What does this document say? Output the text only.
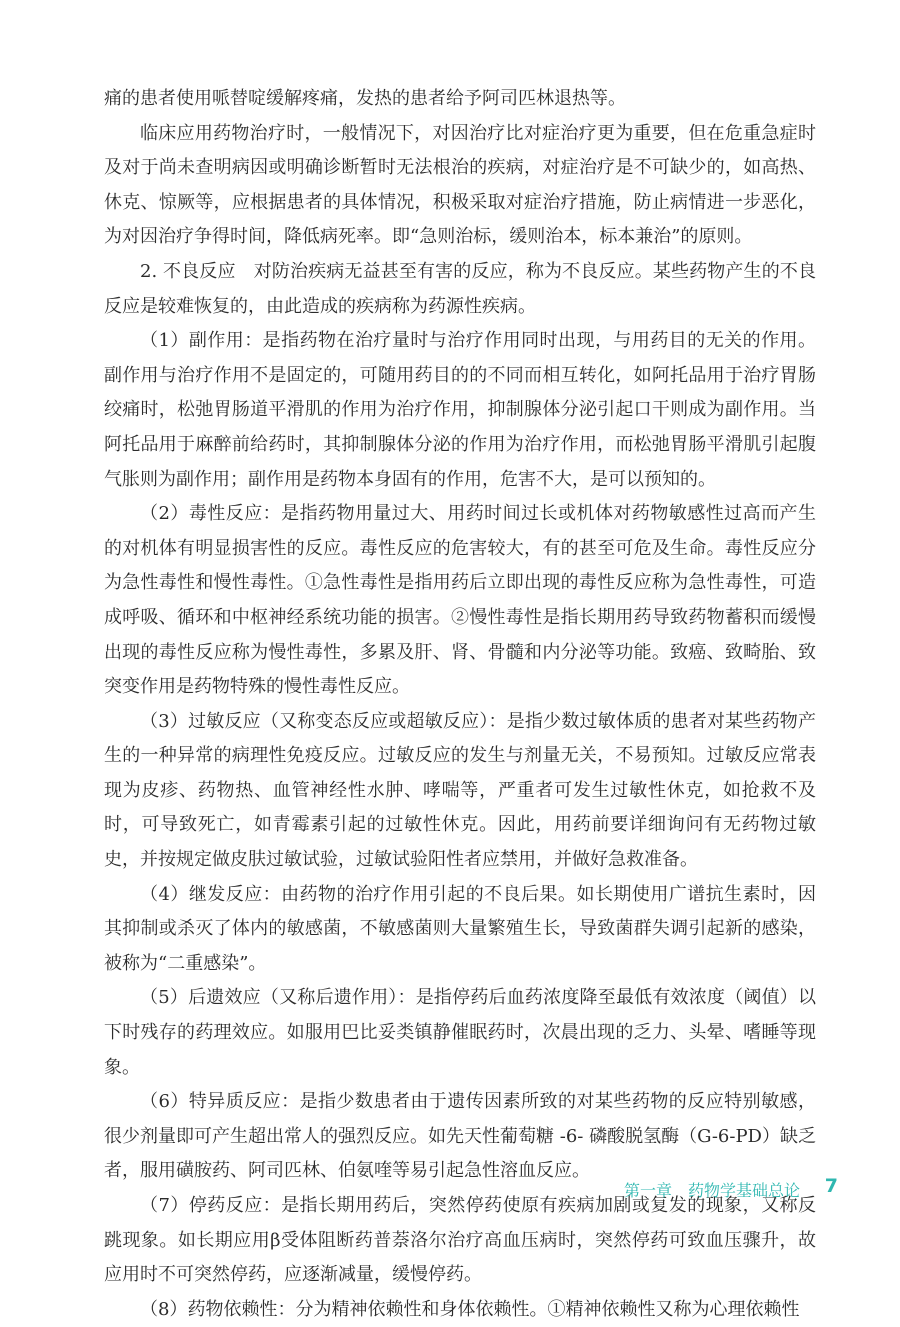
痛的患者使用哌替啶缓解疼痛，发热的患者给予阿司匹林退热等。

临床应用药物治疗时，一般情况下，对因治疗比对症治疗更为重要，但在危重急症时及对于尚未查明病因或明确诊断暂时无法根治的疾病，对症治疗是不可缺少的，如高热、休克、惊厥等，应根据患者的具体情况，积极采取对症治疗措施，防止病情进一步恶化，为对因治疗争得时间，降低病死率。即“急则治标，缓则治本，标本兼治”的原则。

2. 不良反应　对防治疾病无益甚至有害的反应，称为不良反应。某些药物产生的不良反应是较难恢复的，由此造成的疾病称为药源性疾病。

（1）副作用：是指药物在治疗量时与治疗作用同时出现，与用药目的无关的作用。副作用与治疗作用不是固定的，可随用药目的的不同而相互转化，如阿托品用于治疗胃肠绞痛时，松弛胃肠道平滑肌的作用为治疗作用，抑制腺体分泌引起口干则成为副作用。当阿托品用于麻醉前给药时，其抑制腺体分泌的作用为治疗作用，而松弛胃肠平滑肌引起腹气胀则为副作用；副作用是药物本身固有的作用，危害不大，是可以预知的。

（2）毒性反应：是指药物用量过大、用药时间过长或机体对药物敏感性过高而产生的对机体有明显损害性的反应。毒性反应的危害较大，有的甚至可危及生命。毒性反应分为急性毒性和慢性毒性。①急性毒性是指用药后立即出现的毒性反应称为急性毒性，可造成呼吸、循环和中枢神经系统功能的损害。②慢性毒性是指长期用药导致药物蓄积而缓慢出现的毒性反应称为慢性毒性，多累及肝、肾、骨髓和内分泌等功能。致癌、致畸胎、致突变作用是药物特殊的慢性毒性反应。

（3）过敏反应（又称变态反应或超敏反应）：是指少数过敏体质的患者对某些药物产生的一种异常的病理性免疫反应。过敏反应的发生与剂量无关，不易预知。过敏反应常表现为皮疹、药物热、血管神经性水肿、哮喘等，严重者可发生过敏性休克，如抢救不及时，可导致死亡，如青霉素引起的过敏性休克。因此，用药前要详细询问有无药物过敏史，并按规定做皮肤过敏试验，过敏试验阳性者应禁用，并做好急救准备。

（4）继发反应：由药物的治疗作用引起的不良后果。如长期使用广谱抗生素时，因其抑制或杀灭了体内的敏感菌，不敏感菌则大量繁殖生长，导致菌群失调引起新的感染，被称为“二重感染”。

（5）后遗效应（又称后遗作用）：是指停药后血药浓度降至最低有效浓度（阈值）以下时残存的药理效应。如服用巴比妥类镇静催眠药时，次晨出现的乏力、头晕、嗜睡等现象。

（6）特异质反应：是指少数患者由于遗传因素所致的对某些药物的反应特别敏感，很少剂量即可产生超出常人的强烈反应。如先天性葡萄糖 -6- 磷酸脱氢酶（G-6-PD）缺乏者，服用磺胺药、阿司匹林、伯氨喹等易引起急性溶血反应。

（7）停药反应：是指长期用药后，突然停药使原有疾病加剧或复发的现象，又称反跳现象。如长期应用β受体阻断药普萘洛尔治疗高血压病时，突然停药可致血压骤升，故应用时不可突然停药，应逐渐减量，缓慢停药。

（8）药物依赖性：分为精神依赖性和身体依赖性。①精神依赖性又称为心理依赖性

第一章　药物学基础总论 7
